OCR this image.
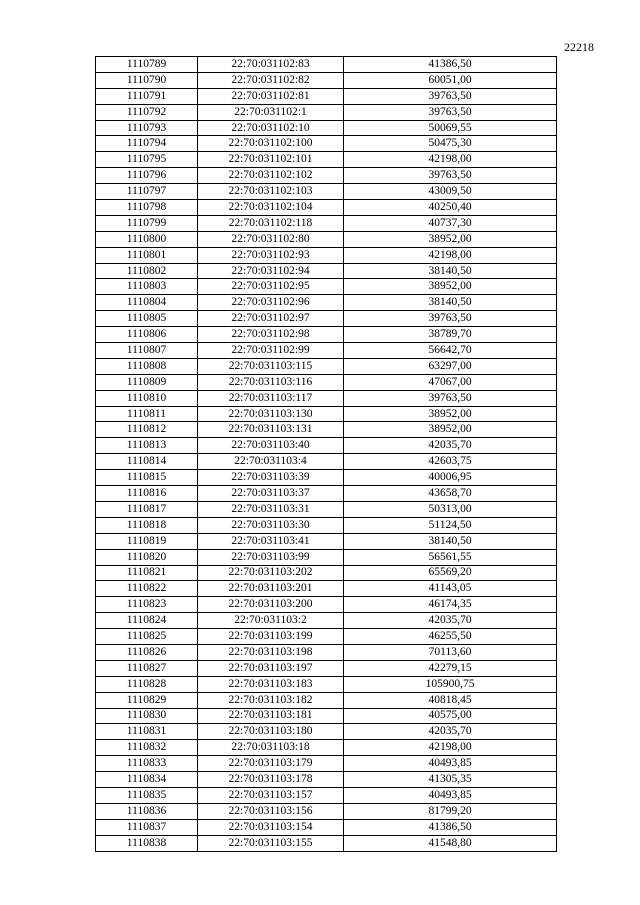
22218
1110789	22:70:031102:83	41386,50
1110790	22:70:031102:82	60051,00
1110791	22:70:031102:81	39763,50
1110792	22:70:031102:1	39763,50
1110793	22:70:031102:10	50069,55
1110794	22:70:031102:100	50475,30
1110795	22:70:031102:101	42198,00
1110796	22:70:031102:102	39763,50
1110797	22:70:031102:103	43009,50
1110798	22:70:031102:104	40250,40
1110799	22:70:031102:118	40737,30
1110800	22:70:031102:80	38952,00
1110801	22:70:031102:93	42198,00
1110802	22:70:031102:94	38140,50
1110803	22:70:031102:95	38952,00
1110804	22:70:031102:96	38140,50
1110805	22:70:031102:97	39763,50
1110806	22:70:031102:98	38789,70
1110807	22:70:031102:99	56642,70
1110808	22:70:031103:115	63297,00
1110809	22:70:031103:116	47067,00
1110810	22:70:031103:117	39763,50
1110811	22:70:031103:130	38952,00
1110812	22:70:031103:131	38952,00
1110813	22:70:031103:40	42035,70
1110814	22:70:031103:4	42603,75
1110815	22:70:031103:39	40006,95
1110816	22:70:031103:37	43658,70
1110817	22:70:031103:31	50313,00
1110818	22:70:031103:30	51124,50
1110819	22:70:031103:41	38140,50
1110820	22:70:031103:99	56561,55
1110821	22:70:031103:202	65569,20
1110822	22:70:031103:201	41143,05
1110823	22:70:031103:200	46174,35
1110824	22:70:031103:2	42035,70
1110825	22:70:031103:199	46255,50
1110826	22:70:031103:198	70113,60
1110827	22:70:031103:197	42279,15
1110828	22:70:031103:183	105900,75
1110829	22:70:031103:182	40818,45
1110830	22:70:031103:181	40575,00
1110831	22:70:031103:180	42035,70
1110832	22:70:031103:18	42198,00
1110833	22:70:031103:179	40493,85
1110834	22:70:031103:178	41305,35
1110835	22:70:031103:157	40493,85
1110836	22:70:031103:156	81799,20
1110837	22:70:031103:154	41386,50
1110838	22:70:031103:155	41548,80
